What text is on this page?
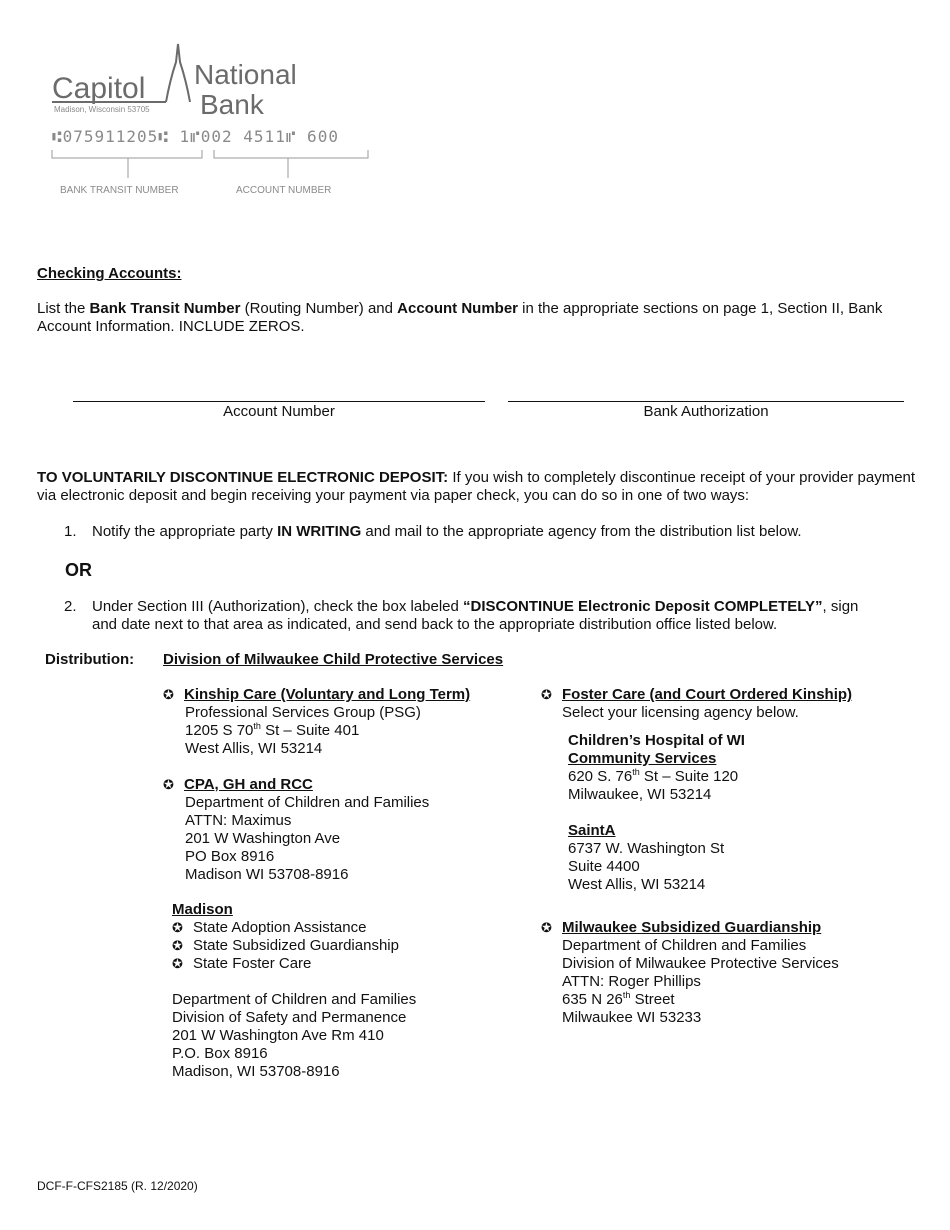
Capitol National
Bank
Madison, Wisconsin 53705
⑆075911205⑆ 1⑈002 4511⑈ 600
BANK TRANSIT NUMBER	ACCOUNT NUMBER
Checking Accounts:
List the Bank Transit Number (Routing Number) and Account Number in the appropriate sections on page 1, Section II, Bank Account Information. INCLUDE ZEROS.
Account Number	Bank Authorization
TO VOLUNTARILY DISCONTINUE ELECTRONIC DEPOSIT: If you wish to completely discontinue receipt of your provider payment via electronic deposit and begin receiving your payment via paper check, you can do so in one of two ways:
1. Notify the appropriate party IN WRITING and mail to the appropriate agency from the distribution list below.
OR
2. Under Section III (Authorization), check the box labeled “DISCONTINUE Electronic Deposit COMPLETELY”, sign and date next to that area as indicated, and send back to the appropriate distribution office listed below.
Distribution: Division of Milwaukee Child Protective Services
✪ Kinship Care (Voluntary and Long Term)
Professional Services Group (PSG)
1205 S 70th St – Suite 401
West Allis, WI 53214
✪ CPA, GH and RCC
Department of Children and Families
ATTN: Maximus
201 W Washington Ave
PO Box 8916
Madison WI 53708-8916
Madison
✪ State Adoption Assistance
✪ State Subsidized Guardianship
✪ State Foster Care
Department of Children and Families
Division of Safety and Permanence
201 W Washington Ave Rm 410
P.O. Box 8916
Madison, WI 53708-8916
✪ Foster Care (and Court Ordered Kinship)
Select your licensing agency below.
Children’s Hospital of WI
Community Services
620 S. 76th St – Suite 120
Milwaukee, WI 53214
SaintA
6737 W. Washington St
Suite 4400
West Allis, WI 53214
✪ Milwaukee Subsidized Guardianship
Department of Children and Families
Division of Milwaukee Protective Services
ATTN: Roger Phillips
635 N 26th Street
Milwaukee WI 53233
DCF-F-CFS2185 (R. 12/2020)
